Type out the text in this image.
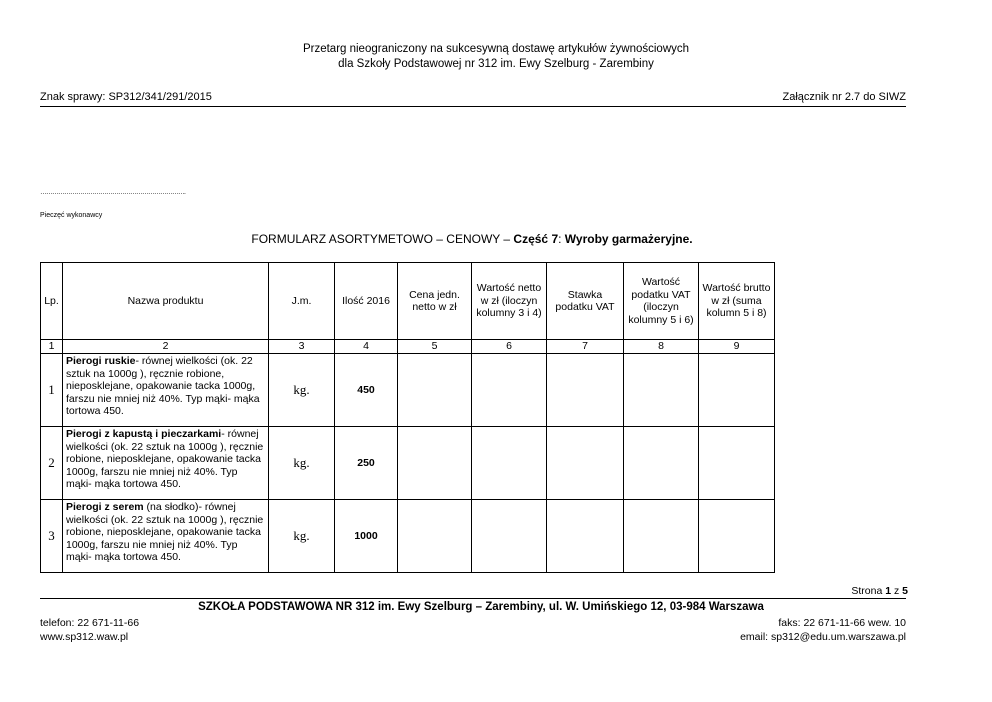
Przetarg nieograniczony na sukcesywną dostawę artykułów żywnościowych
dla Szkoły Podstawowej nr 312 im. Ewy Szelburg - Zarembiny
Znak sprawy: SP312/341/291/2015	Załącznik nr 2.7 do SIWZ
……………………………………………………………….
Pieczęć wykonawcy
FORMULARZ ASORTYMETOWO – CENOWY – Część 7: Wyroby garmażeryjne.
Lp.	Nazwa produktu	J.m.	Ilość 2016	Cena jedn. netto w zł	Wartość netto w zł (iloczyn kolumny 3 i 4)	Stawka podatku VAT	Wartość podatku VAT (iloczyn kolumny 5 i 6)	Wartość brutto w zł (suma kolumn 5 i 8)
1	2	3	4	5	6	7	8	9
1	Pierogi ruskie- równej wielkości (ok. 22 sztuk na 1000g ), ręcznie robione, nieposklejane, opakowanie tacka 1000g, farszu nie mniej niż 40%. Typ mąki- mąka tortowa 450.	kg.	450					
2	Pierogi z kapustą i pieczarkami- równej wielkości (ok. 22 sztuk na 1000g ), ręcznie robione, nieposklejane, opakowanie tacka 1000g, farszu nie mniej niż 40%. Typ mąki- mąka tortowa 450.	kg.	250					
3	Pierogi z serem (na słodko)- równej wielkości (ok. 22 sztuk na 1000g ), ręcznie robione, nieposklejane, opakowanie tacka 1000g, farszu nie mniej niż 40%. Typ mąki- mąka tortowa 450.	kg.	1000					
Strona 1 z 5
SZKOŁA PODSTAWOWA NR 312 im. Ewy Szelburg – Zarembiny, ul. W. Umińskiego 12, 03-984 Warszawa
telefon: 22 671-11-66	faks: 22 671-11-66 wew. 10
www.sp312.waw.pl	email: sp312@edu.um.warszawa.pl
